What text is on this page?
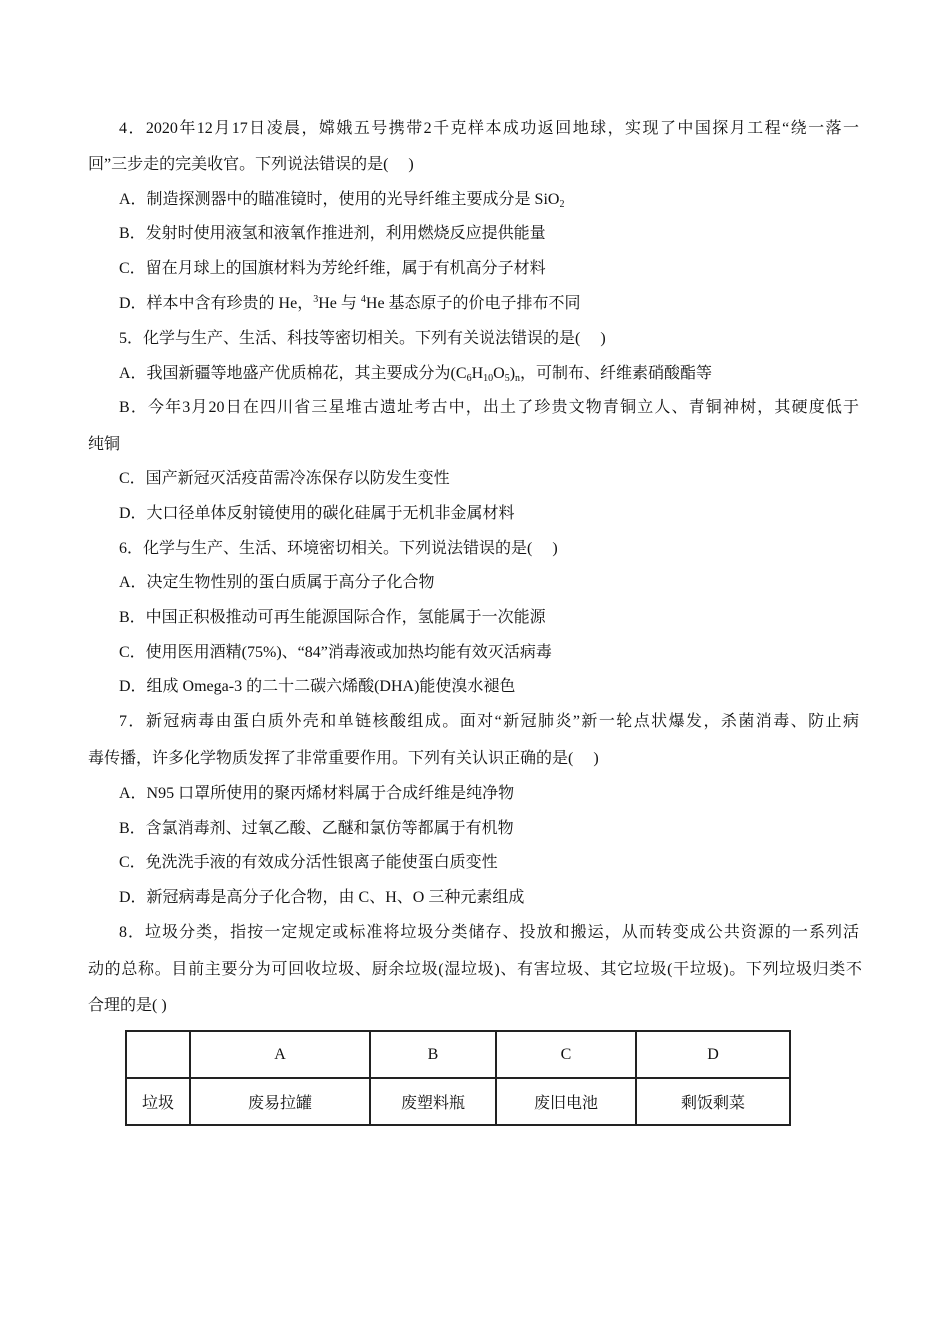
4．2020年12月17日凌晨，嫦娥五号携带2千克样本成功返回地球，实现了中国探月工程“绕一落一
回”三步走的完美收官。下列说法错误的是(　 )
A．制造探测器中的瞄准镜时，使用的光导纤维主要成分是 SiO$_2$
B．发射时使用液氢和液氧作推进剂，利用燃烧反应提供能量
C．留在月球上的国旗材料为芳纶纤维，属于有机高分子材料
D．样本中含有珍贵的 He，$^3$He 与 $^4$He 基态原子的价电子排布不同
5．化学与生产、生活、科技等密切相关。下列有关说法错误的是(　 )
A．我国新疆等地盛产优质棉花，其主要成分为$(C_6H_{10}O_5)_n$，可制布、纤维素硝酸酯等
B．今年3月20日在四川省三星堆古遗址考古中，出土了珍贵文物青铜立人、青铜神树，其硬度低于
纯铜
C．国产新冠灭活疫苗需冷冻保存以防发生变性
D．大口径单体反射镜使用的碳化硅属于无机非金属材料
6．化学与生产、生活、环境密切相关。下列说法错误的是(　 )
A．决定生物性别的蛋白质属于高分子化合物
B．中国正积极推动可再生能源国际合作，氢能属于一次能源
C．使用医用酒精(75%)、“84”消毒液或加热均能有效灭活病毒
D．组成 Omega-3 的二十二碳六烯酸(DHA)能使溴水褪色
7．新冠病毒由蛋白质外壳和单链核酸组成。面对“新冠肺炎”新一轮点状爆发，杀菌消毒、防止病
毒传播，许多化学物质发挥了非常重要作用。下列有关认识正确的是(　 )
A．N95 口罩所使用的聚丙烯材料属于合成纤维是纯净物
B．含氯消毒剂、过氧乙酸、乙醚和氯仿等都属于有机物
C．免洗洗手液的有效成分活性银离子能使蛋白质变性
D．新冠病毒是高分子化合物，由 C、H、O 三种元素组成
8．垃圾分类，指按一定规定或标准将垃圾分类储存、投放和搬运，从而转变成公共资源的一系列活
动的总称。目前主要分为可回收垃圾、厨余垃圾(湿垃圾)、有害垃圾、其它垃圾(干垃圾)。下列垃圾归类不
合理的是( )
	A	B	C	D
垃圾	废易拉罐	废塑料瓶	废旧电池	剩饭剩菜
